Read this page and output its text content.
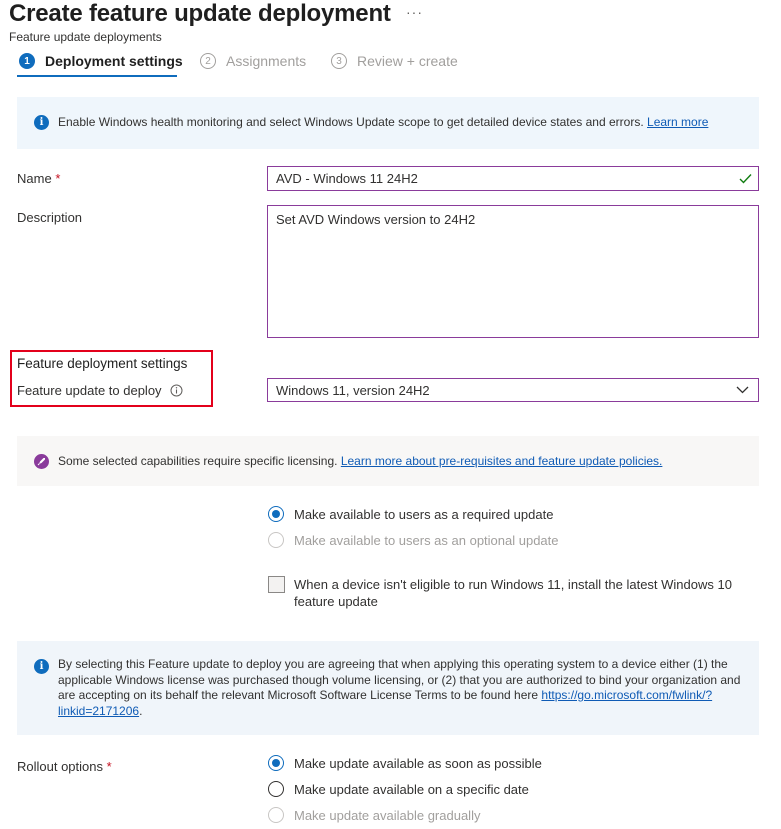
Create feature update deployment ···
Feature update deployments
1	Deployment settings	2	Assignments	3	Review + create
i	Enable Windows health monitoring and select Windows Update scope to get detailed device states and errors. Learn more
Name *	AVD - Windows 11 24H2
Description	Set AVD Windows version to 24H2
Feature deployment settings
Feature update to deploy	Windows 11, version 24H2
Some selected capabilities require specific licensing. Learn more about pre-requisites and feature update policies.
Make available to users as a required update
Make available to users as an optional update
When a device isn't eligible to run Windows 11, install the latest Windows 10
feature update
i	By selecting this Feature update to deploy you are agreeing that when applying this operating system to a device either (1) the
applicable Windows license was purchased though volume licensing, or (2) that you are authorized to bind your organization and
are accepting on its behalf the relevant Microsoft Software License Terms to be found here https://go.microsoft.com/fwlink/?
linkid=2171206.
Rollout options *	Make update available as soon as possible
Make update available on a specific date
Make update available gradually
